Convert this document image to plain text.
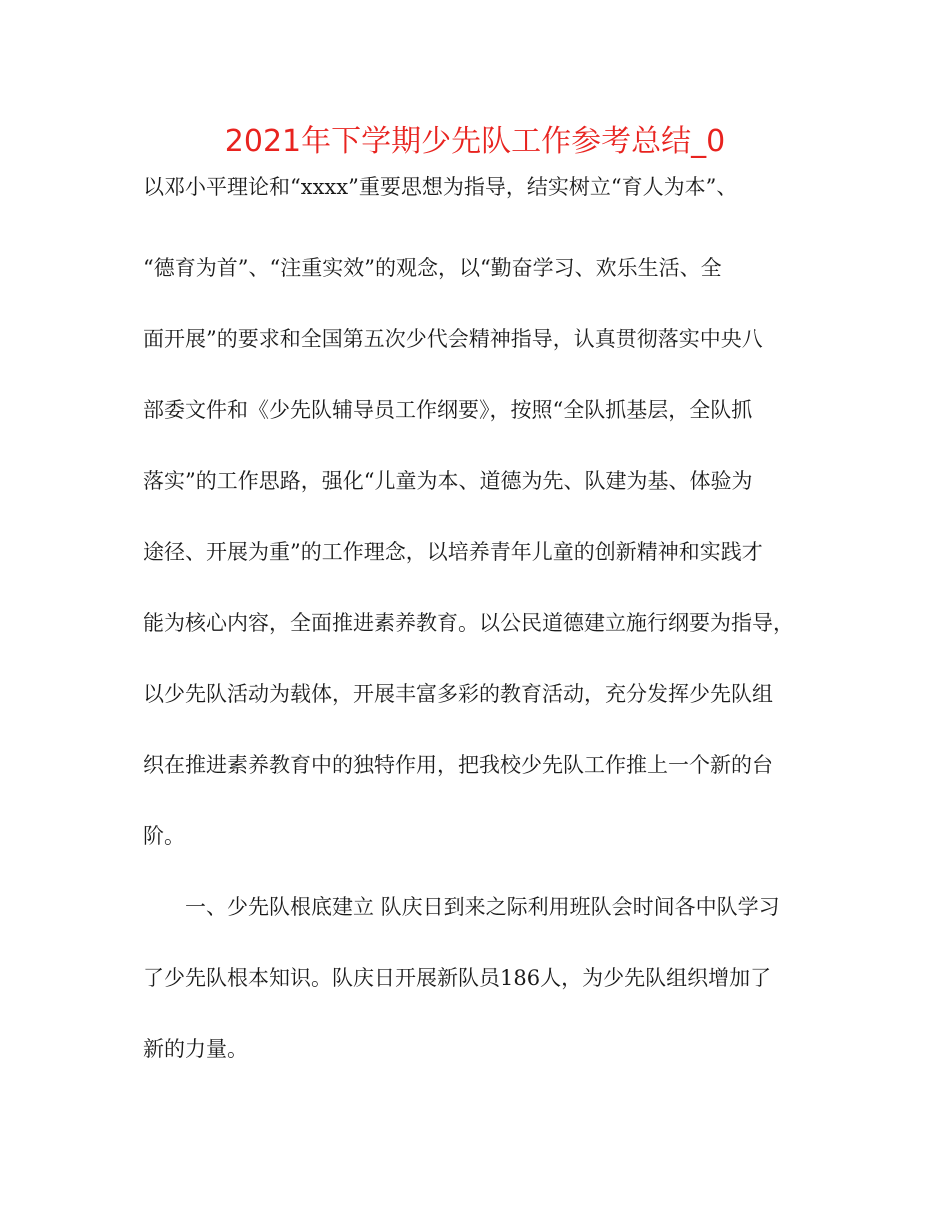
2021年下学期少先队工作参考总结_0
以邓小平理论和“xxxx”重要思想为指导，结实树立“育人为本”、
“德育为首”、“注重实效”的观念，以“勤奋学习、欢乐生活、全
面开展”的要求和全国第五次少代会精神指导，认真贯彻落实中央八
部委文件和《少先队辅导员工作纲要》，按照“全队抓基层，全队抓
落实”的工作思路，强化“儿童为本、道德为先、队建为基、体验为
途径、开展为重”的工作理念，以培养青年儿童的创新精神和实践才
能为核心内容，全面推进素养教育。以公民道德建立施行纲要为指导，
以少先队活动为载体，开展丰富多彩的教育活动，充分发挥少先队组
织在推进素养教育中的独特作用，把我校少先队工作推上一个新的台
阶。
一、少先队根底建立 队庆日到来之际利用班队会时间各中队学习
了少先队根本知识。队庆日开展新队员186人，为少先队组织增加了
新的力量。
